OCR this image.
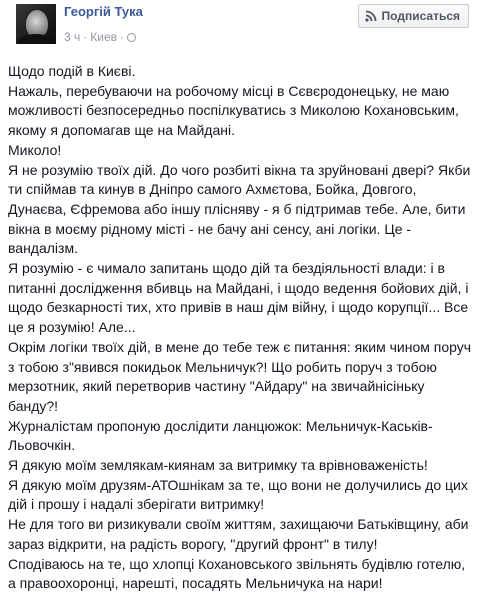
Георгій Тука
3 ч · Киев ·
Подписаться

Щодо подій в Києві.

Нажаль, перебуваючи на робочому місці в Сєвєродонецьку, не маю

можливості безпосередньо поспілкуватись з Миколою Кохановським,

якому я допомагав ще на Майдані.

Миколо!

Я не розумію твоїх дій. До чого розбиті вікна та зруйновані двері? Якби

ти спіймав та кинув в Дніпро самого Ахмєтова, Бойка, Довгого,

Дунаєва, Єфремова або іншу плісняву - я б підтримав тебе. Але, бити

вікна в моєму рідному місті - не бачу ані сенсу, ані логіки. Це -

вандалізм.

Я розумію - є чимало запитань щодо дій та бездіяльності влади: і в

питанні дослідження вбивць на Майдані, і щодо ведення бойових дій, і

щодо безкарності тих, хто привів в наш дім війну, і щодо корупції... Все

це я розумію! Але...

Окрім логіки твоїх дій, в мене до тебе теж є питання: яким чином поруч

з тобою з"явився покидьок Мельничук?! Що робить поруч з тобою

мерзотник, який перетворив частину "Айдару" на звичайнісіньку

банду?!

Журналістам пропоную дослідити ланцюжок: Мельничук-Каськів-

Льовочкін.

Я дякую моїм землякам-киянам за витримку та врівноваженість!

Я дякую моїм друзям-АТОшнікам за те, що вони не долучились до цих

дій і прошу і надалі зберігати витримку!

Не для того ви ризикували своїм життям, захищаючи Батьківщину, аби

зараз відкрити, на радість ворогу, "другий фронт" в тилу!

Сподіваюсь на те, що хлопці Кохановського звільнять будівлю готелю,

а правоохоронці, нарешті, посадять Мельничука на нари!
